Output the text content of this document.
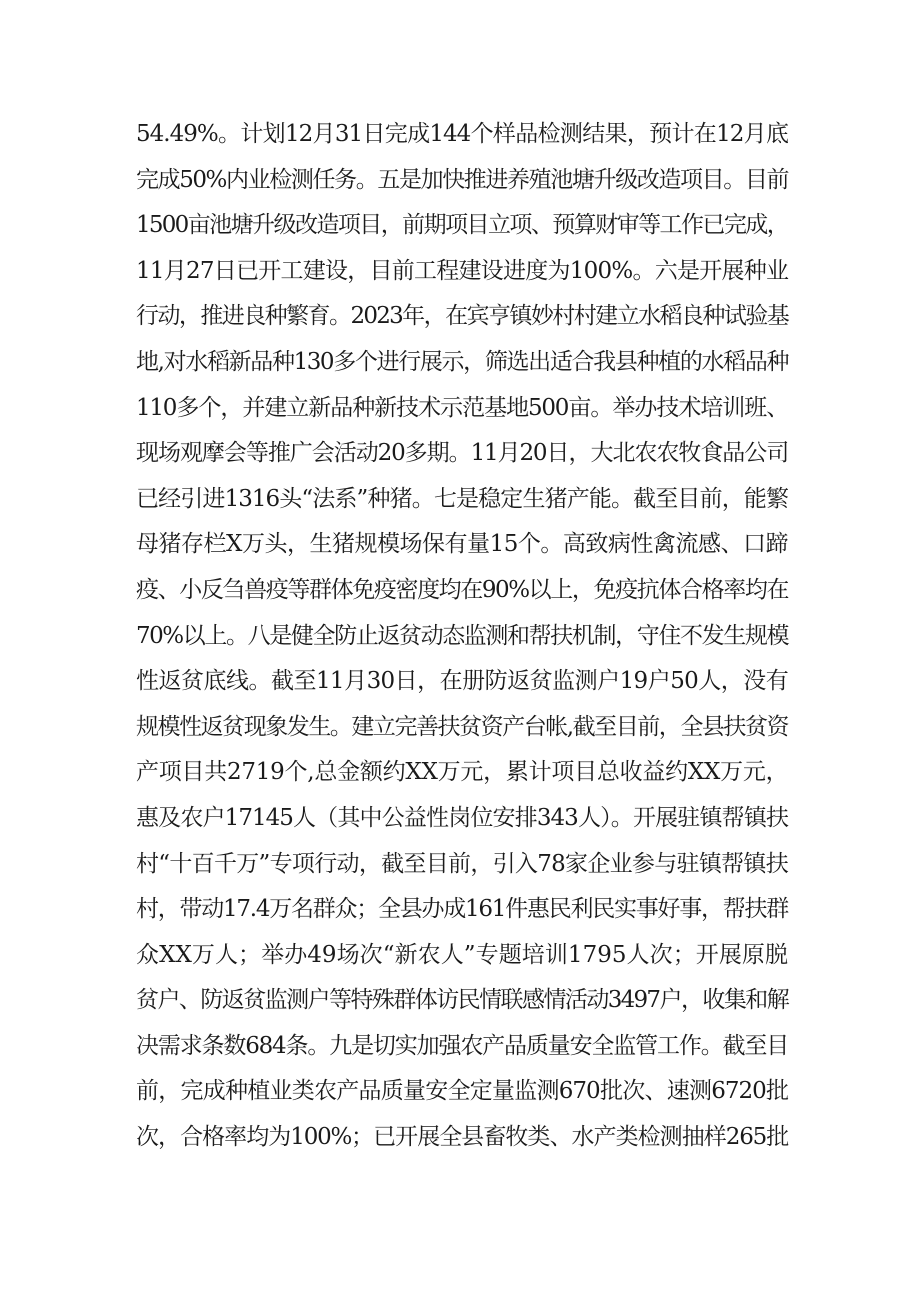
54.49%。计划12月31日完成144个样品检测结果，预计在12月底
完成50%内业检测任务。五是加快推进养殖池塘升级改造项目。目前
1500亩池塘升级改造项目，前期项目立项、预算财审等工作已完成，
11月27日已开工建设，目前工程建设进度为100%。六是开展种业
行动，推进良种繁育。2023年，在宾亨镇妙村村建立水稻良种试验基
地,对水稻新品种130多个进行展示，筛选出适合我县种植的水稻品种
110多个，并建立新品种新技术示范基地500亩。举办技术培训班、
现场观摩会等推广会活动20多期。11月20日，大北农农牧食品公司
已经引进1316头“法系”种猪。七是稳定生猪产能。截至目前，能繁
母猪存栏X万头，生猪规模场保有量15个。高致病性禽流感、口蹄
疫、小反刍兽疫等群体免疫密度均在90%以上，免疫抗体合格率均在
70%以上。八是健全防止返贫动态监测和帮扶机制，守住不发生规模
性返贫底线。截至11月30日，在册防返贫监测户19户50人，没有
规模性返贫现象发生。建立完善扶贫资产台帐,截至目前，全县扶贫资
产项目共2719个,总金额约XX万元，累计项目总收益约XX万元，
惠及农户17145人（其中公益性岗位安排343人）。开展驻镇帮镇扶
村“十百千万”专项行动，截至目前，引入78家企业参与驻镇帮镇扶
村，带动17.4万名群众；全县办成161件惠民利民实事好事，帮扶群
众XX万人；举办49场次“新农人”专题培训1795人次；开展原脱
贫户、防返贫监测户等特殊群体访民情联感情活动3497户，收集和解
决需求条数684条。九是切实加强农产品质量安全监管工作。截至目
前，完成种植业类农产品质量安全定量监测670批次、速测6720批
次，合格率均为100%；已开展全县畜牧类、水产类检测抽样265批
